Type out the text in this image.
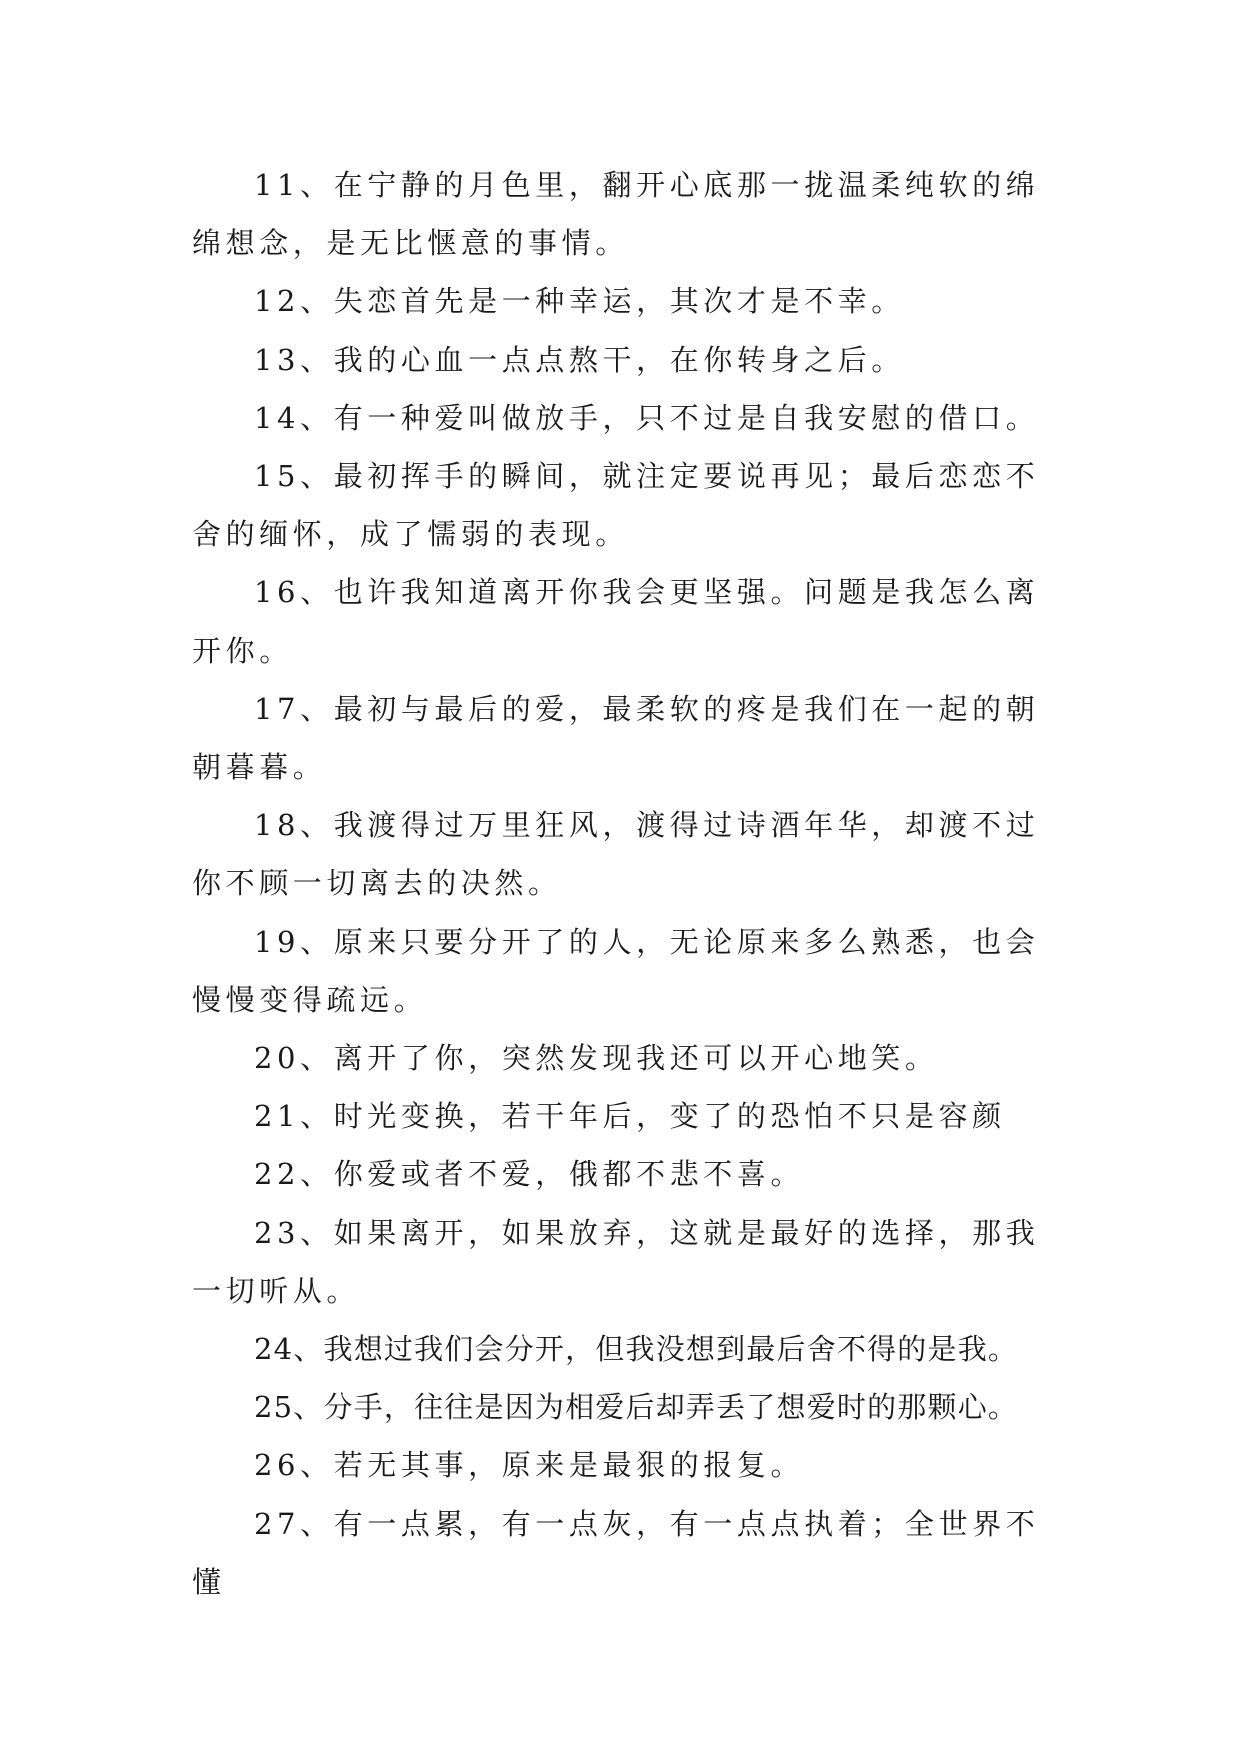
11、在宁静的月色里，翻开心底那一拢温柔纯软的绵绵想念，是无比惬意的事情。

12、失恋首先是一种幸运，其次才是不幸。

13、我的心血一点点熬干，在你转身之后。

14、有一种爱叫做放手，只不过是自我安慰的借口。

15、最初挥手的瞬间，就注定要说再见；最后恋恋不舍的缅怀，成了懦弱的表现。

16、也许我知道离开你我会更坚强。问题是我怎么离开你。

17、最初与最后的爱，最柔软的疼是我们在一起的朝朝暮暮。

18、我渡得过万里狂风，渡得过诗酒年华，却渡不过你不顾一切离去的决然。

19、原来只要分开了的人，无论原来多么熟悉，也会慢慢变得疏远。

20、离开了你，突然发现我还可以开心地笑。

21、时光变换，若干年后，变了的恐怕不只是容颜

22、你爱或者不爱，俄都不悲不喜。

23、如果离开，如果放弃，这就是最好的选择，那我一切听从。

24、我想过我们会分开，但我没想到最后舍不得的是我。

25、分手，往往是因为相爱后却弄丢了想爱时的那颗心。

26、若无其事，原来是最狠的报复。

27、有一点累，有一点灰，有一点点执着；全世界不懂
